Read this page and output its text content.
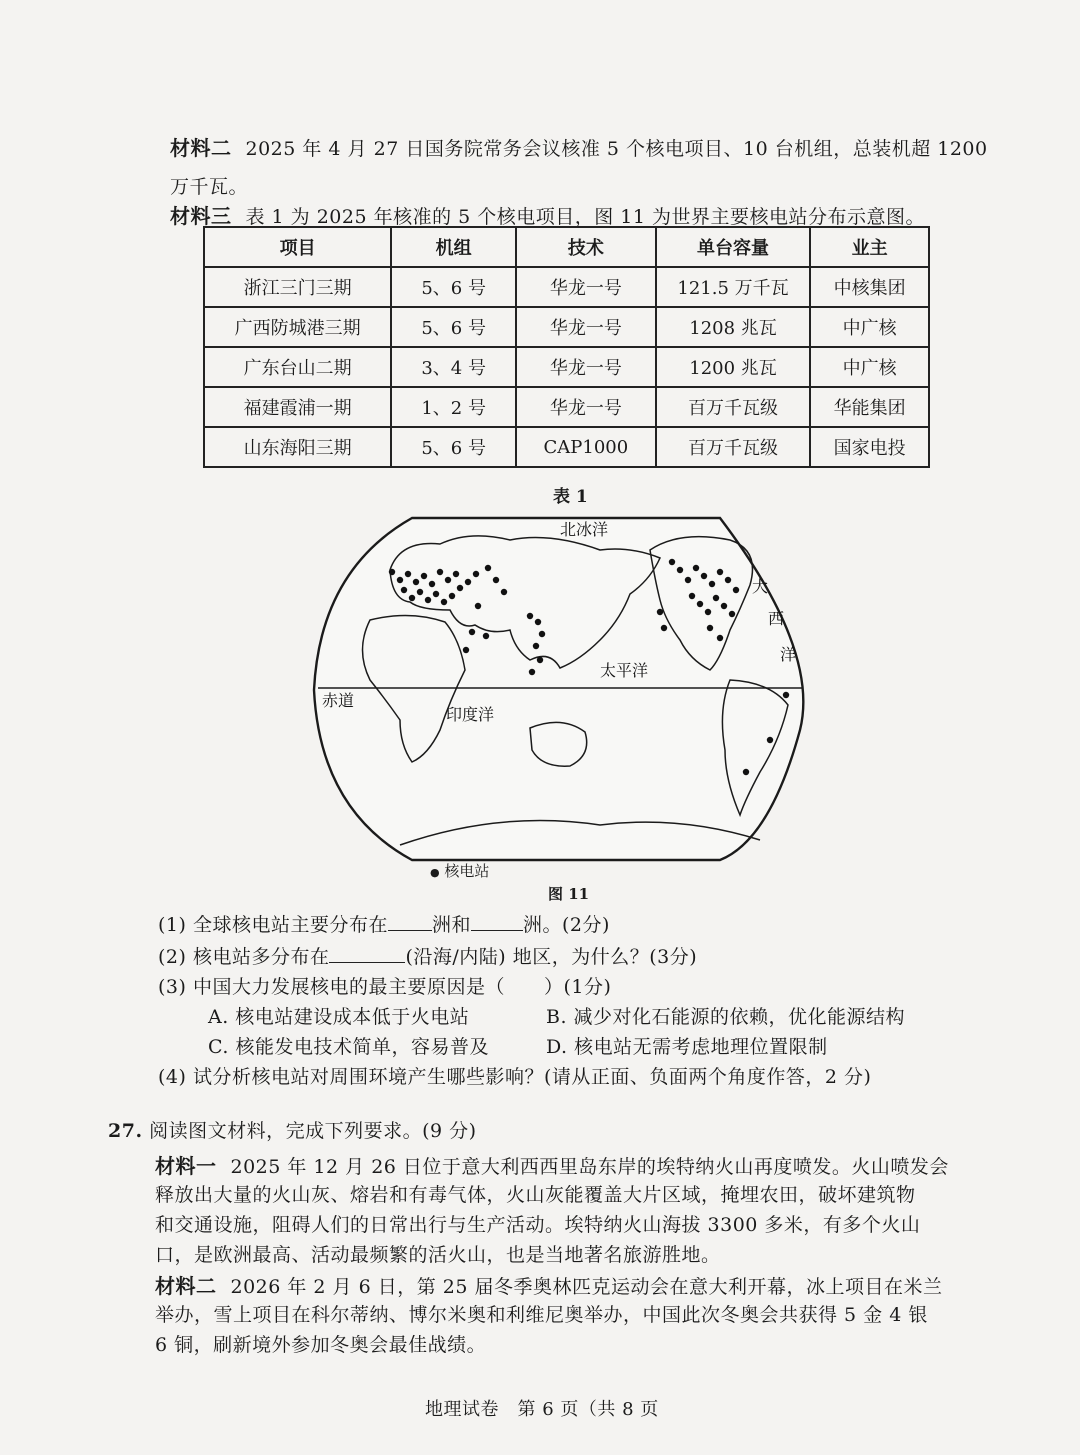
材料二 2025 年 4 月 27 日国务院常务会议核准 5 个核电项目、10 台机组，总装机超 1200
万千瓦。
材料三 表 1 为 2025 年核准的 5 个核电项目，图 11 为世界主要核电站分布示意图。
项目	机组	技术	单台容量	业主
浙江三门三期	5、6 号	华龙一号	121.5 万千瓦	中核集团
广西防城港三期	5、6 号	华龙一号	1208 兆瓦	中广核
广东台山二期	3、4 号	华龙一号	1200 兆瓦	中广核
福建霞浦一期	1、2 号	华龙一号	百万千瓦级	华能集团
山东海阳三期	5、6 号	CAP1000	百万千瓦级	国家电投
表 1
北冰洋
大
西
洋
太平洋
印度洋
赤道
● 核电站
图 11
(1) 全球核电站主要分布在 洲和	洲。(2分)
(2) 核电站多分布在	(沿海/内陆) 地区，为什么？(3分)
(3) 中国大力发展核电的最主要原因是（　　）(1分)
A. 核电站建设成本低于火电站	B. 减少对化石能源的依赖，优化能源结构
C. 核能发电技术简单，容易普及	D. 核电站无需考虑地理位置限制
(4) 试分析核电站对周围环境产生哪些影响？(请从正面、负面两个角度作答，2 分)
27. 阅读图文材料，完成下列要求。(9 分)
材料一 2025 年 12 月 26 日位于意大利西西里岛东岸的埃特纳火山再度喷发。火山喷发会
释放出大量的火山灰、熔岩和有毒气体，火山灰能覆盖大片区域，掩埋农田，破坏建筑物
和交通设施，阻碍人们的日常出行与生产活动。埃特纳火山海拔 3300 多米，有多个火山
口，是欧洲最高、活动最频繁的活火山，也是当地著名旅游胜地。
材料二 2026 年 2 月 6 日，第 25 届冬季奥林匹克运动会在意大利开幕，冰上项目在米兰
举办，雪上项目在科尔蒂纳、博尔米奥和利维尼奥举办，中国此次冬奥会共获得 5 金 4 银
6 铜，刷新境外参加冬奥会最佳战绩。
地理试卷　第 6 页（共 8 页
